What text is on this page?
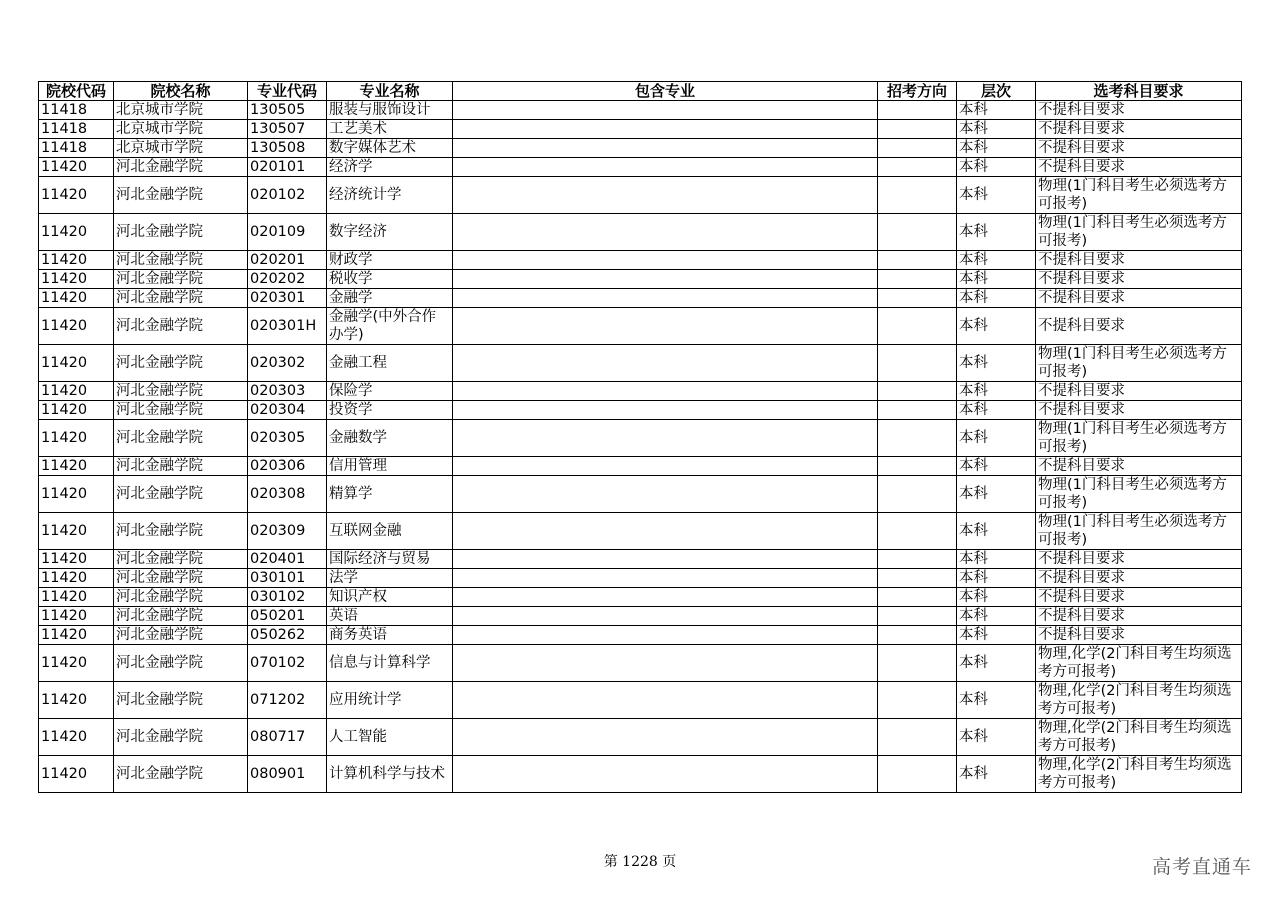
院校代码	院校名称	专业代码	专业名称	包含专业	招考方向	层次	选考科目要求
11418	北京城市学院	130505	服装与服饰设计			本科	不提科目要求
11418	北京城市学院	130507	工艺美术			本科	不提科目要求
11418	北京城市学院	130508	数字媒体艺术			本科	不提科目要求
11420	河北金融学院	020101	经济学			本科	不提科目要求
11420	河北金融学院	020102	经济统计学			本科	物理(1门科目考生必须选考方可报考)
11420	河北金融学院	020109	数字经济			本科	物理(1门科目考生必须选考方可报考)
11420	河北金融学院	020201	财政学			本科	不提科目要求
11420	河北金融学院	020202	税收学			本科	不提科目要求
11420	河北金融学院	020301	金融学			本科	不提科目要求
11420	河北金融学院	020301H	金融学(中外合作办学)			本科	不提科目要求
11420	河北金融学院	020302	金融工程			本科	物理(1门科目考生必须选考方可报考)
11420	河北金融学院	020303	保险学			本科	不提科目要求
11420	河北金融学院	020304	投资学			本科	不提科目要求
11420	河北金融学院	020305	金融数学			本科	物理(1门科目考生必须选考方可报考)
11420	河北金融学院	020306	信用管理			本科	不提科目要求
11420	河北金融学院	020308	精算学			本科	物理(1门科目考生必须选考方可报考)
11420	河北金融学院	020309	互联网金融			本科	物理(1门科目考生必须选考方可报考)
11420	河北金融学院	020401	国际经济与贸易			本科	不提科目要求
11420	河北金融学院	030101	法学			本科	不提科目要求
11420	河北金融学院	030102	知识产权			本科	不提科目要求
11420	河北金融学院	050201	英语			本科	不提科目要求
11420	河北金融学院	050262	商务英语			本科	不提科目要求
11420	河北金融学院	070102	信息与计算科学			本科	物理,化学(2门科目考生均须选考方可报考)
11420	河北金融学院	071202	应用统计学			本科	物理,化学(2门科目考生均须选考方可报考)
11420	河北金融学院	080717	人工智能			本科	物理,化学(2门科目考生均须选考方可报考)
11420	河北金融学院	080901	计算机科学与技术			本科	物理,化学(2门科目考生均须选考方可报考)
第 1228 页	高考直通车
